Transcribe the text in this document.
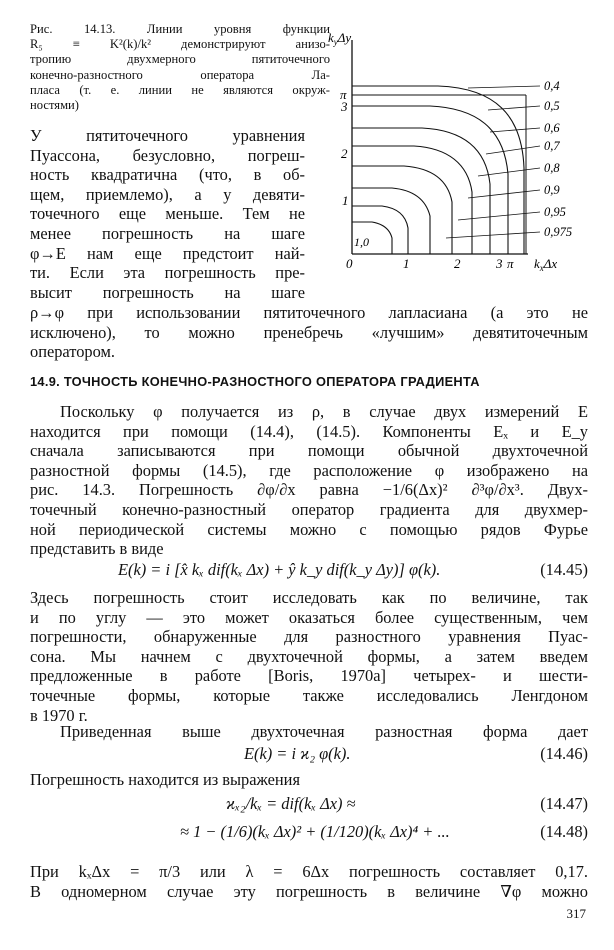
Рис. 14.13. Линии уровня функции
R₅ ≡ K²(k)/k² демонстрируют анизо-
тропию двухмерного пятиточечного
конечно-разностного оператора Ла-
пласа (т. е. линии не являются окруж-
ностями)
$k_y\Delta y$
$k_x\Delta x$
π
3
2
1
1,0
0	1	2	3 π
0,4
0,5
0,6
0,7
0,8
0,9
0,95
0,975
У пятиточечного уравнения
Пуассона, безусловно, погреш-
ность квадратична (что, в об-
щем, приемлемо), а у девяти-
точечного еще меньше. Тем не
менее погрешность на шаге
φ→E нам еще предстоит най-
ти. Если эта погрешность пре-
высит погрешность на шаге
ρ→φ при использовании пятиточечного лапласиана (а это не
исключено), то можно пренебречь «лучшим» девятиточечным
оператором.
14.9. ТОЧНОСТЬ КОНЕЧНО-РАЗНОСТНОГО ОПЕРАТОРА ГРАДИЕНТА
Поскольку φ получается из ρ, в случае двух измерений E
находится при помощи (14.4), (14.5). Компоненты Eₓ и E_y
сначала записываются при помощи обычной двухточечной
разностной формы (14.5), где расположение φ изображено на
рис. 14.3. Погрешность ∂φ/∂x равна −1/6(Δx)² ∂³φ/∂x³. Двух-
точечный конечно-разностный оператор градиента для двухмер-
ной периодической системы можно с помощью рядов Фурье
представить в виде
E(k) = i [x̂ kₓ dif(kₓ Δx) + ŷ k_y dif(k_y Δy)] φ(k).	(14.45)
Здесь погрешность стоит исследовать как по величине, так
и по углу — это может оказаться более существенным, чем
погрешности, обнаруженные для разностного уравнения Пуас-
сона. Мы начнем с двухточечной формы, а затем введем
предложенные в работе [Boris, 1970a] четырех- и шести-
точечные формы, которые также исследовались Ленгдоном
в 1970 г.
Приведенная выше двухточечная разностная форма дает
E(k) = i ϰ₂ φ(k).	(14.46)
Погрешность находится из выражения
ϰₓ₂/kₓ = dif(kₓ Δx) ≈	(14.47)
≈ 1 − (1/6)(kₓ Δx)² + (1/120)(kₓ Δx)⁴ + ...	(14.48)
При kₓΔx = π/3 или λ = 6Δx погрешность составляет 0,17.
В одномерном случае эту погрешность в величине ∇φ можно
317
